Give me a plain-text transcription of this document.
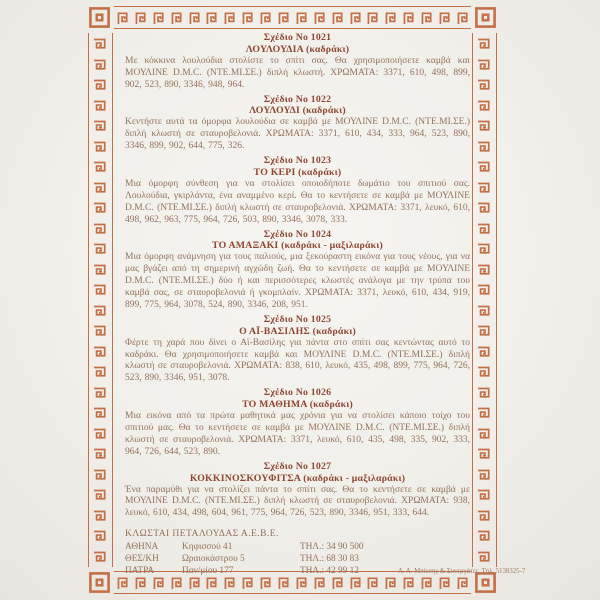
Σχέδιο Νο 1021
ΛΟΥΛΟΥΔΙΑ (καδράκι)

Με κόκκινα λουλούδια στολίστε το σπίτι σας. Θα χρησιμοποιήσετε καμβά και ΜΟΥΛΙΝΕ D.M.C. (ΝΤΕ.ΜΙ.ΣΕ.) διπλή κλωστή. ΧΡΩΜΑΤΑ: 3371, 610, 498, 899, 902, 523, 890, 3346, 948, 964.

Σχέδιο Νο 1022
ΛΟΥΛΟΥΔΙ (καδράκι)

Κεντήστε αυτά τα όμορφα λουλούδια σε καμβά με ΜΟΥΛΙΝΕ D.M.C. (ΝΤΕ.ΜΙ.ΣΕ.) διπλή κλωστή σε σταυροβελονιά. ΧΡΩΜΑΤΑ: 3371, 610, 434, 333, 964, 523, 890, 3346, 899, 902, 644, 775, 326.

Σχέδιο Νο 1023
ΤΟ ΚΕΡΙ (καδράκι)

Μια όμορφη σύνθεση για να στολίσει οποιοδήποτε δωμάτιο του σπιτιού σας. Λουλούδια, γκιρλάντα, ένα αναμμένο κερί. Θα το κεντήσετε σε καμβά με ΜΟΥΛΙΝΕ D.M.C. (ΝΤΕ.ΜΙ.ΣΕ.) διπλή κλωστή σε σταυροβελονιά. ΧΡΩΜΑΤΑ: 3371, λευκό, 610, 498, 962, 963, 775, 964, 726, 503, 890, 3346, 3078, 333.

Σχέδιο Νο 1024
ΤΟ ΑΜΑΞΑΚΙ (καδράκι - μαξιλαράκι)

Μια όμορφη ανάμνηση για τους παλιούς, μια ξεκούραστη εικόνα για τους νέους, για να μας βγάζει από τη σημερινή αγχώδη ζωή. Θα το κεντήσετε σε καμβά με ΜΟΥΛΙΝΕ D.M.C. (ΝΤΕ.ΜΙ.ΣΕ.) δύο ή και περισσότερες κλωστές ανάλογα με την τρύπα του καμβά σας, σε σταυροβελονιά ή γκομπλαίν. ΧΡΩΜΑΤΑ: 3371, λευκό, 610, 434, 919, 899, 775, 964, 3078, 524, 890, 3346, 208, 951.

Σχέδιο Νο 1025
Ο ΑΪ-ΒΑΣΙΛΗΣ (καδράκι)

Φέρτε τη χαρά που δίνει ο Αϊ-Βασίλης για πάντα στο σπίτι σας κεντώντας αυτό το καδράκι. Θα χρησιμοποιήσετε καμβά και ΜΟΥΛΙΝΕ D.M.C. (ΝΤΕ.ΜΙ.ΣΕ.) διπλή κλωστή σε σταυροβελονιά. ΧΡΩΜΑΤΑ: 838, 610, λευκό, 435, 498, 899, 775, 964, 726, 523, 890, 3346, 951, 3078.

Σχέδιο Νο 1026
ΤΟ ΜΑΘΗΜΑ (καδράκι)

Μια εικόνα από τα πρώτα μαθητικά μας χρόνια για να στολίσει κάποιο τοίχο του σπιτιού μας. Θα το κεντήσετε σε καμβά με ΜΟΥΛΙΝΕ D.M.C. (ΝΤΕ.ΜΙ.ΣΕ.) διπλή κλωστή σε σταυροβελονιά. ΧΡΩΜΑΤΑ: 3371, λευκό, 610, 435, 498, 335, 902, 333, 964, 726, 644, 523, 890.

Σχέδιο Νο 1027
ΚΟΚΚΙΝΟΣΚΟΥΦΙΤΣΑ (καδράκι - μαξιλαράκι)

Ένα παραμύθι για να στολίζει πάντα το σπίτι σας. Θα το κεντήσετε σε καμβά με ΜΟΥΛΙΝΕ D.M.C. (ΝΤΕ.ΜΙ.ΣΕ.) διπλή κλωστή σε σταυροβελονιά. ΧΡΩΜΑΤΑ: 938, λευκό, 610, 434, 498, 604, 961, 775, 964, 726, 523, 890, 3346, 951, 333, 644.

ΚΛΩΣΤΑΙ ΠΕΤΑΛΟΥΔΑΣ Α.Ε.Β.Ε.
ΑΘΗΝΑ	Κηφισσού 41	ΤΗΛ.: 34 90 500
ΘΕΣ/ΚΗ	Ωραιοκάστρου 5	ΤΗΛ.: 68 30 83
ΠΑΤΡΑ	Παν/μίου 177	ΤΗΛ.: 42 99 12	Α. Α. Μπίτσης & Συνεργάτες, Τηλ. 5138325-7
